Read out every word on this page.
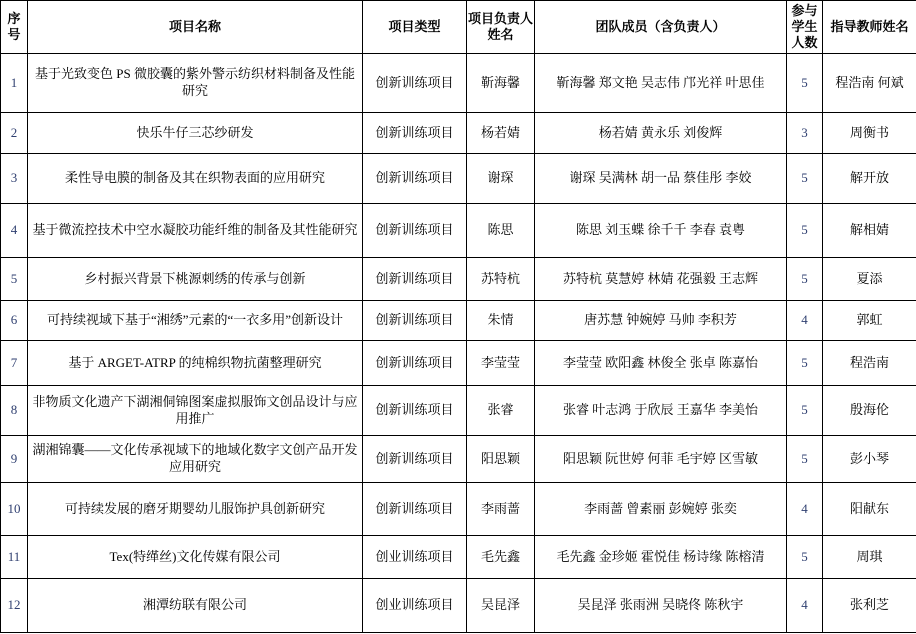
序号	项目名称	项目类型	项目负责人姓名	团队成员（含负责人）	参与学生人数	指导教师姓名
1	基于光致变色 PS 微胶囊的紫外警示纺织材料制备及性能研究	创新训练项目	靳海馨	靳海馨 郑文艳 吴志伟 邝光祥 叶思佳	5	程浩南 何斌
2	快乐牛仔三芯纱研发	创新训练项目	杨若婧	杨若婧 黄永乐 刘俊辉	3	周衡书
3	柔性导电膜的制备及其在织物表面的应用研究	创新训练项目	谢琛	谢琛 吴满林 胡一品 蔡佳彤 李姣	5	解开放
4	基于微流控技术中空水凝胶功能纤维的制备及其性能研究	创新训练项目	陈思	陈思 刘玉蝶 徐千千 李春 袁粤	5	解相婧
5	乡村振兴背景下桃源刺绣的传承与创新	创新训练项目	苏特杭	苏特杭 莫慧婷 林婧 花强毅 王志辉	5	夏添
6	可持续视域下基于“湘绣”元素的“一衣多用”创新设计	创新训练项目	朱情	唐苏慧 钟婉婷 马帅 李积芳	4	郭虹
7	基于 ARGET-ATRP 的纯棉织物抗菌整理研究	创新训练项目	李莹莹	李莹莹 欧阳鑫 林俊全 张卓 陈嘉怡	5	程浩南
8	非物质文化遗产下湖湘侗锦图案虚拟服饰文创品设计与应用推广	创新训练项目	张睿	张睿 叶志鸿 于欣辰 王嘉华 李美怡	5	殷海伦
9	湖湘锦囊——文化传承视域下的地域化数字文创产品开发应用研究	创新训练项目	阳思颖	阳思颖 阮世婷 何菲 毛宇婷 区雪敏	5	彭小琴
10	可持续发展的磨牙期婴幼儿服饰护具创新研究	创新训练项目	李雨蔷	李雨蔷 曾素丽 彭婉婷 张奕	4	阳献东
11	Tex(特缂丝)文化传媒有限公司	创业训练项目	毛先鑫	毛先鑫 金珍姬 霍悦佳 杨诗缘 陈榕清	5	周琪
12	湘潭纺联有限公司	创业训练项目	吴昆泽	吴昆泽 张雨洲 吴晓佟 陈秋宇	4	张利芝
